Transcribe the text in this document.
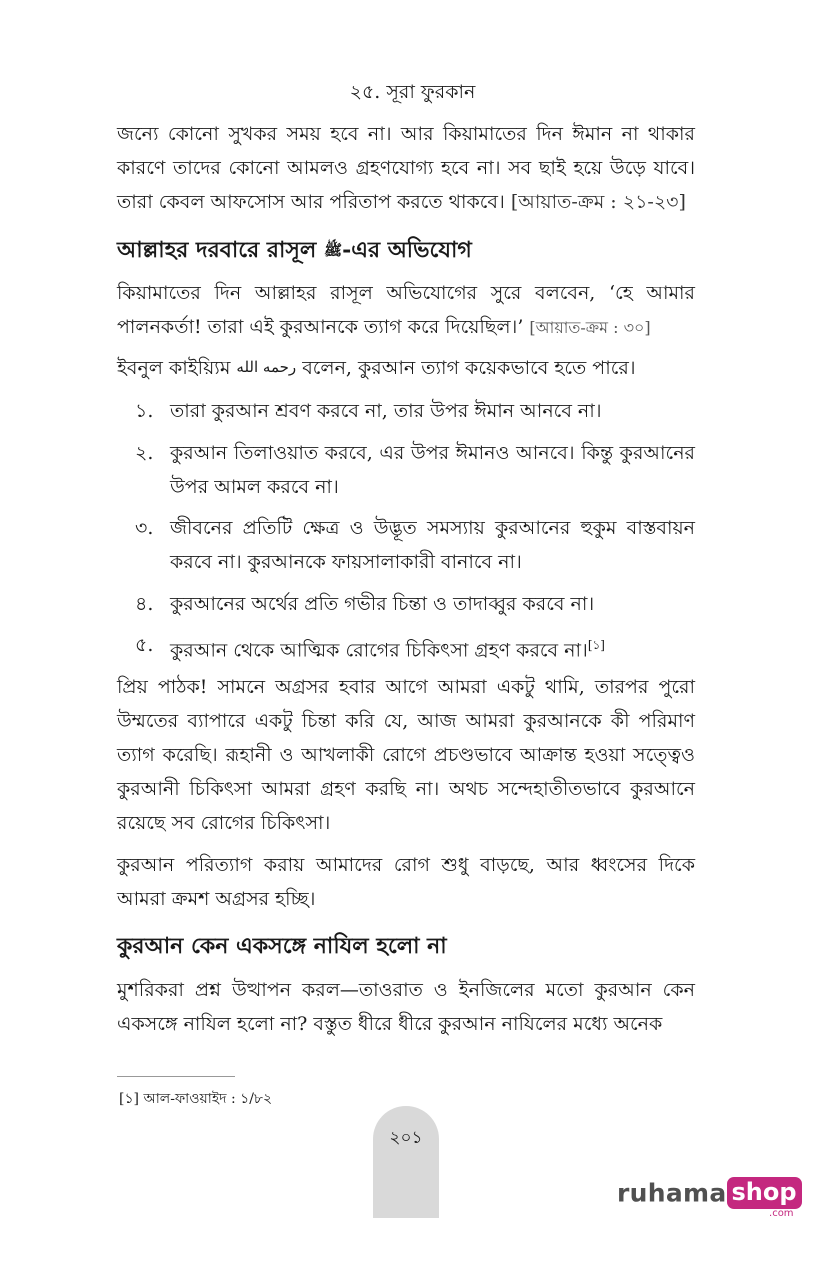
২৫. সূরা ফুরকান
জন্যে কোনো সুখকর সময় হবে না। আর কিয়ামাতের দিন ঈমান না থাকার কারণে তাদের কোনো আমলও গ্রহণযোগ্য হবে না। সব ছাই হয়ে উড়ে যাবে। তারা কেবল আফসোস আর পরিতাপ করতে থাকবে। [আয়াত-ক্রম : ২১-২৩]
আল্লাহর দরবারে রাসূল ﷺ-এর অভিযোগ
কিয়ামাতের দিন আল্লাহর রাসূল অভিযোগের সুরে বলবেন, ‘হে আমার পালনকর্তা! তারা এই কুরআনকে ত্যাগ করে দিয়েছিল।’ [আয়াত-ক্রম : ৩০]
ইবনুল কাইয়্যিম رحمه الله বলেন, কুরআন ত্যাগ কয়েকভাবে হতে পারে।
১. তারা কুরআন শ্রবণ করবে না, তার উপর ঈমান আনবে না।
২. কুরআন তিলাওয়াত করবে, এর উপর ঈমানও আনবে। কিন্তু কুরআনের উপর আমল করবে না।
৩. জীবনের প্রতিটি ক্ষেত্র ও উদ্ভূত সমস্যায় কুরআনের হুকুম বাস্তবায়ন করবে না। কুরআনকে ফায়সালাকারী বানাবে না।
৪. কুরআনের অর্থের প্রতি গভীর চিন্তা ও তাদাব্বুর করবে না।
৫. কুরআন থেকে আত্মিক রোগের চিকিৎসা গ্রহণ করবে না।[১]
প্রিয় পাঠক! সামনে অগ্রসর হবার আগে আমরা একটু থামি, তারপর পুরো উম্মতের ব্যাপারে একটু চিন্তা করি যে, আজ আমরা কুরআনকে কী পরিমাণ ত্যাগ করেছি। রূহানী ও আখলাকী রোগে প্রচণ্ডভাবে আক্রান্ত হওয়া সত্ত্বেও কুরআনী চিকিৎসা আমরা গ্রহণ করছি না। অথচ সন্দেহাতীতভাবে কুরআনে রয়েছে সব রোগের চিকিৎসা।
কুরআন পরিত্যাগ করায় আমাদের রোগ শুধু বাড়ছে, আর ধ্বংসের দিকে আমরা ক্রমশ অগ্রসর হচ্ছি।
কুরআন কেন একসঙ্গে নাযিল হলো না
মুশরিকরা প্রশ্ন উত্থাপন করল—তাওরাত ও ইনজিলের মতো কুরআন কেন একসঙ্গে নাযিল হলো না? বস্তুত ধীরে ধীরে কুরআন নাযিলের মধ্যে অনেক
[১] আল-ফাওয়াইদ : ১/৮২
২০১
ruhama shop
.com
